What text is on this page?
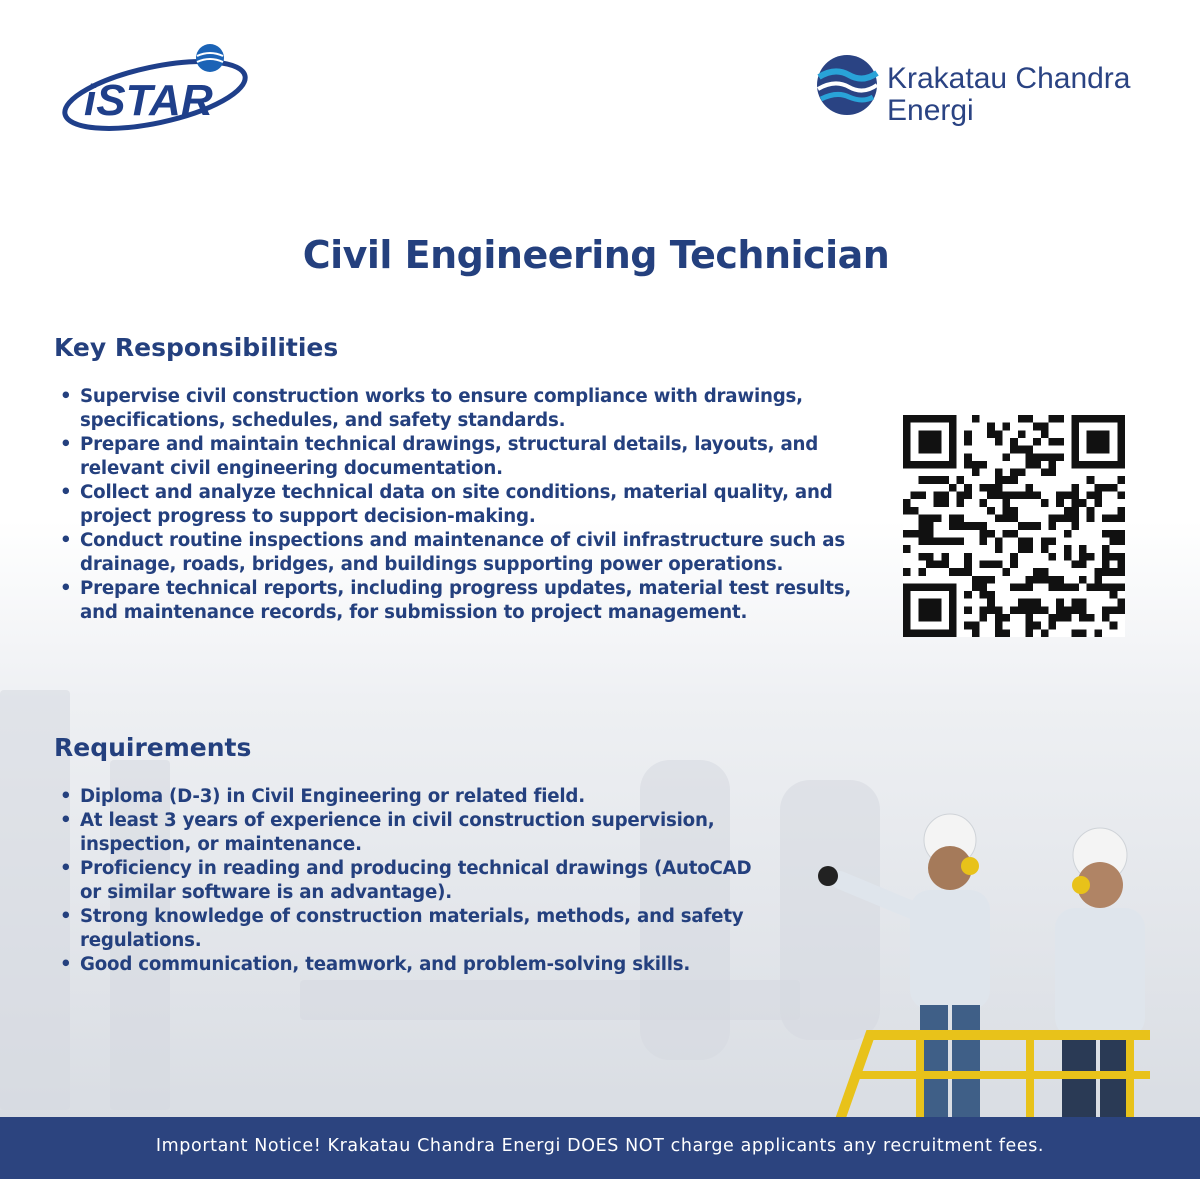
iSTAR	Krakatau Chandra
Energi
Civil Engineering Technician
Key Responsibilities
• Supervise civil construction works to ensure compliance with drawings, specifications, schedules, and safety standards.
• Prepare and maintain technical drawings, structural details, layouts, and relevant civil engineering documentation.
• Collect and analyze technical data on site conditions, material quality, and project progress to support decision-making.
• Conduct routine inspections and maintenance of civil infrastructure such as drainage, roads, bridges, and buildings supporting power operations.
• Prepare technical reports, including progress updates, material test results, and maintenance records, for submission to project management.
Requirements
• Diploma (D-3) in Civil Engineering or related field.
• At least 3 years of experience in civil construction supervision, inspection, or maintenance.
• Proficiency in reading and producing technical drawings (AutoCAD or similar software is an advantage).
• Strong knowledge of construction materials, methods, and safety regulations.
• Good communication, teamwork, and problem-solving skills.
Important Notice! Krakatau Chandra Energi DOES NOT charge applicants any recruitment fees.
